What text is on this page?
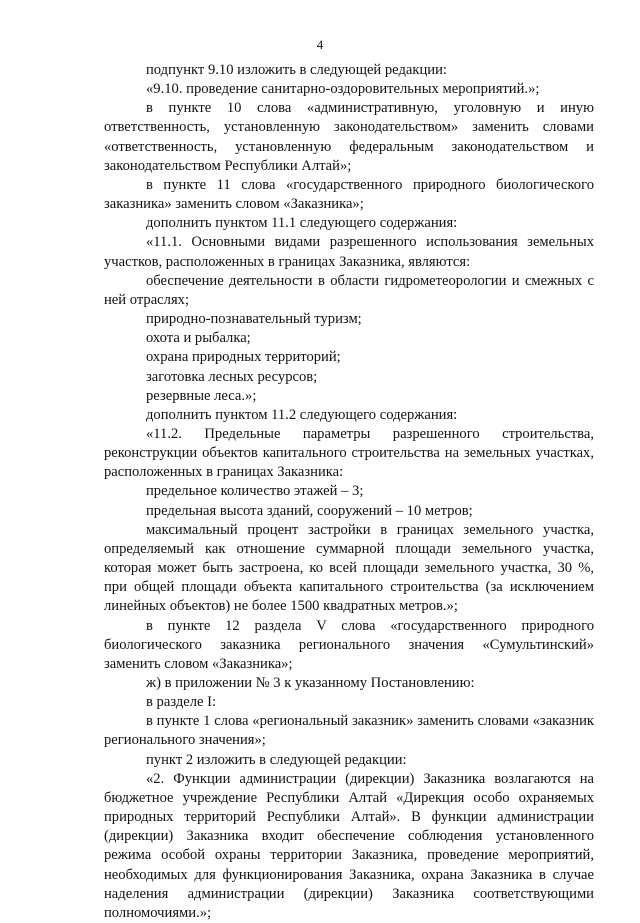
4

подпункт 9.10 изложить в следующей редакции:

«9.10. проведение санитарно-оздоровительных мероприятий.»;

в пункте 10 слова «административную, уголовную и иную ответственность, установленную законодательством» заменить словами «ответственность, установленную федеральным законодательством и законодательством Республики Алтай»;

в пункте 11 слова «государственного природного биологического заказника» заменить словом «Заказника»;

дополнить пунктом 11.1 следующего содержания:

«11.1. Основными видами разрешенного использования земельных участков, расположенных в границах Заказника, являются:

обеспечение деятельности в области гидрометеорологии и смежных с ней отраслях;

природно-познавательный туризм;

охота и рыбалка;

охрана природных территорий;

заготовка лесных ресурсов;

резервные леса.»;

дополнить пунктом 11.2 следующего содержания:

«11.2. Предельные параметры разрешенного строительства, реконструкции объектов капитального строительства на земельных участках, расположенных в границах Заказника:

предельное количество этажей – 3;

предельная высота зданий, сооружений – 10 метров;

максимальный процент застройки в границах земельного участка, определяемый как отношение суммарной площади земельного участка, которая может быть застроена, ко всей площади земельного участка, 30 %, при общей площади объекта капитального строительства (за исключением линейных объектов) не более 1500 квадратных метров.»;

в пункте 12 раздела V слова «государственного природного биологического заказника регионального значения «Сумультинский» заменить словом «Заказника»;

ж) в приложении № 3 к указанному Постановлению:

в разделе I:

в пункте 1 слова «региональный заказник» заменить словами «заказник регионального значения»;

пункт 2 изложить в следующей редакции:

«2. Функции администрации (дирекции) Заказника возлагаются на бюджетное учреждение Республики Алтай «Дирекция особо охраняемых природных территорий Республики Алтай». В функции администрации (дирекции) Заказника входит обеспечение соблюдения установленного режима особой охраны территории Заказника, проведение мероприятий, необходимых для функционирования Заказника, охрана Заказника в случае наделения администрации (дирекции) Заказника соответствующими полномочиями.»;
